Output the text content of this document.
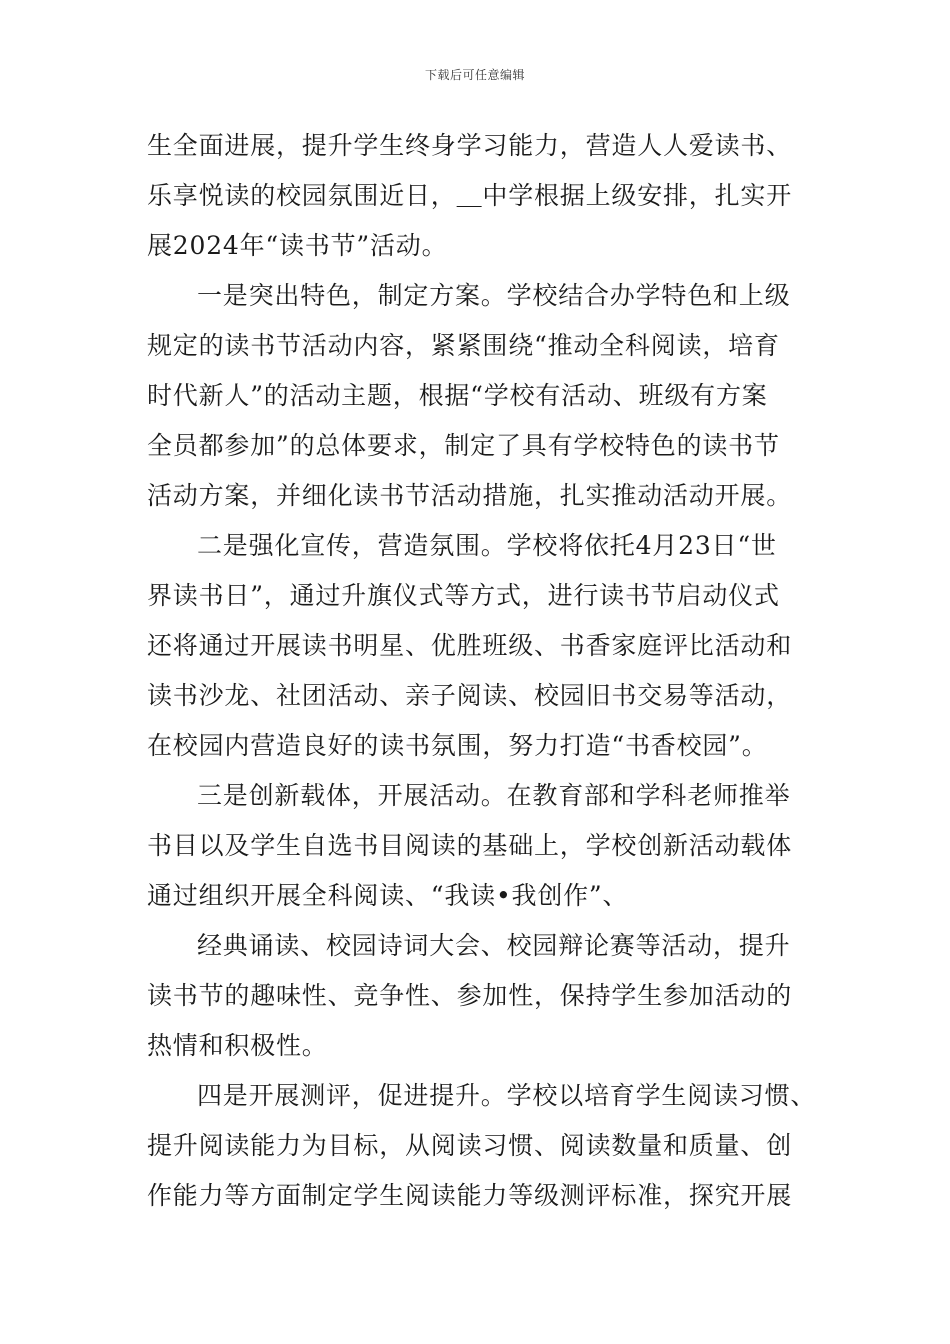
下载后可任意编辑
生全面进展，提升学生终身学习能力，营造人人爱读书、
乐享悦读的校园氛围近日，＿中学根据上级安排，扎实开
展2024年“读书节”活动。
一是突出特色，制定方案。学校结合办学特色和上级
规定的读书节活动内容，紧紧围绕“推动全科阅读，培育
时代新人”的活动主题，根据“学校有活动、班级有方案
全员都参加”的总体要求，制定了具有学校特色的读书节
活动方案，并细化读书节活动措施，扎实推动活动开展。
二是强化宣传，营造氛围。学校将依托4月23日“世
界读书日”，通过升旗仪式等方式，进行读书节启动仪式
还将通过开展读书明星、优胜班级、书香家庭评比活动和
读书沙龙、社团活动、亲子阅读、校园旧书交易等活动，
在校园内营造良好的读书氛围，努力打造“书香校园”。
三是创新载体，开展活动。在教育部和学科老师推举
书目以及学生自选书目阅读的基础上，学校创新活动载体
通过组织开展全科阅读、“我读•我创作”、
经典诵读、校园诗词大会、校园辩论赛等活动，提升
读书节的趣味性、竞争性、参加性，保持学生参加活动的
热情和积极性。
四是开展测评，促进提升。学校以培育学生阅读习惯、
提升阅读能力为目标，从阅读习惯、阅读数量和质量、创
作能力等方面制定学生阅读能力等级测评标准，探究开展
